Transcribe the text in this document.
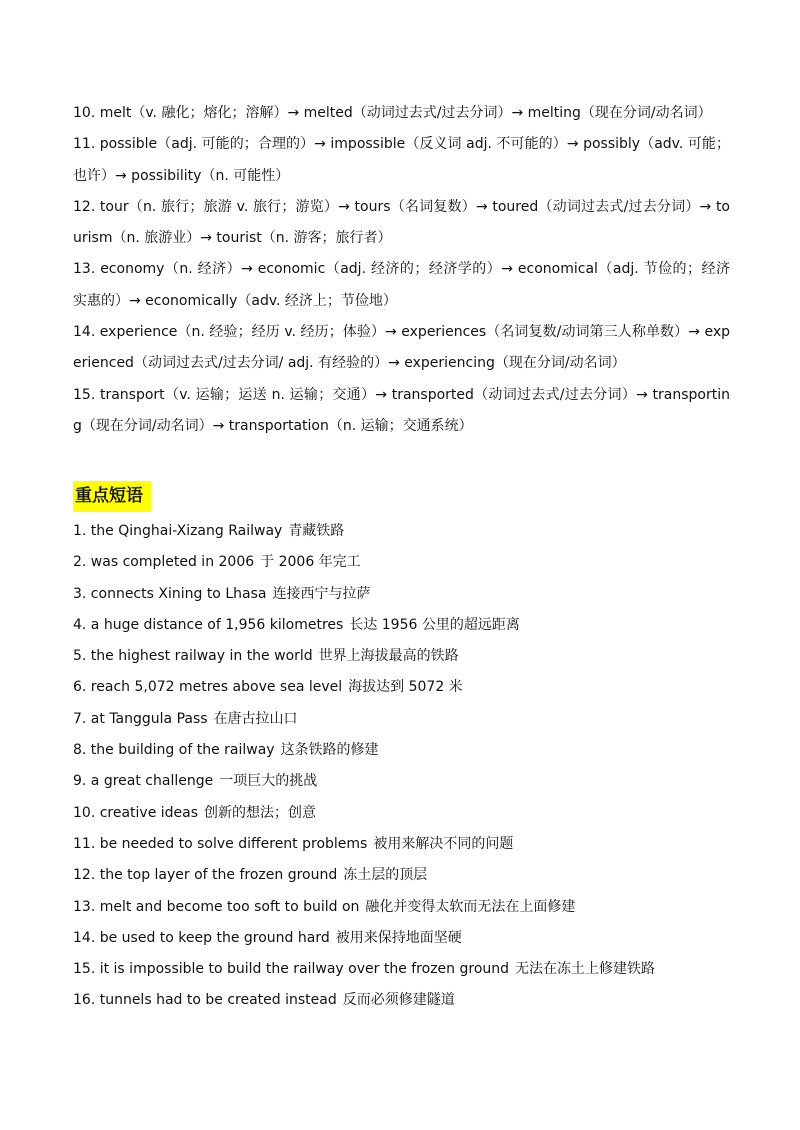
10. melt（v. 融化；熔化；溶解）→ melted（动词过去式/过去分词）→ melting（现在分词/动名词）

11. possible（adj. 可能的；合理的）→ impossible（反义词 adj. 不可能的）→ possibly（adv. 可能；也许）→ possibility（n. 可能性）

12. tour（n. 旅行；旅游 v. 旅行；游览）→ tours（名词复数）→ toured（动词过去式/过去分词）→ tourism（n. 旅游业）→ tourist（n. 游客；旅行者）

13. economy（n. 经济）→ economic（adj. 经济的；经济学的）→ economical（adj. 节俭的；经济实惠的）→ economically（adv. 经济上；节俭地）

14. experience（n. 经验；经历 v. 经历；体验）→ experiences（名词复数/动词第三人称单数）→ experienced（动词过去式/过去分词/ adj. 有经验的）→ experiencing（现在分词/动名词）

15. transport（v. 运输；运送 n. 运输；交通）→ transported（动词过去式/过去分词）→ transporting（现在分词/动名词）→ transportation（n. 运输；交通系统）

重点短语

1. the Qinghai-Xizang Railway 青藏铁路

2. was completed in 2006 于 2006 年完工

3. connects Xining to Lhasa 连接西宁与拉萨

4. a huge distance of 1,956 kilometres 长达 1956 公里的超远距离

5. the highest railway in the world 世界上海拔最高的铁路

6. reach 5,072 metres above sea level 海拔达到 5072 米

7. at Tanggula Pass 在唐古拉山口

8. the building of the railway 这条铁路的修建

9. a great challenge 一项巨大的挑战

10. creative ideas 创新的想法；创意

11. be needed to solve different problems 被用来解决不同的问题

12. the top layer of the frozen ground 冻土层的顶层

13. melt and become too soft to build on 融化并变得太软而无法在上面修建

14. be used to keep the ground hard 被用来保持地面坚硬

15. it is impossible to build the railway over the frozen ground 无法在冻土上修建铁路

16. tunnels had to be created instead 反而必须修建隧道
